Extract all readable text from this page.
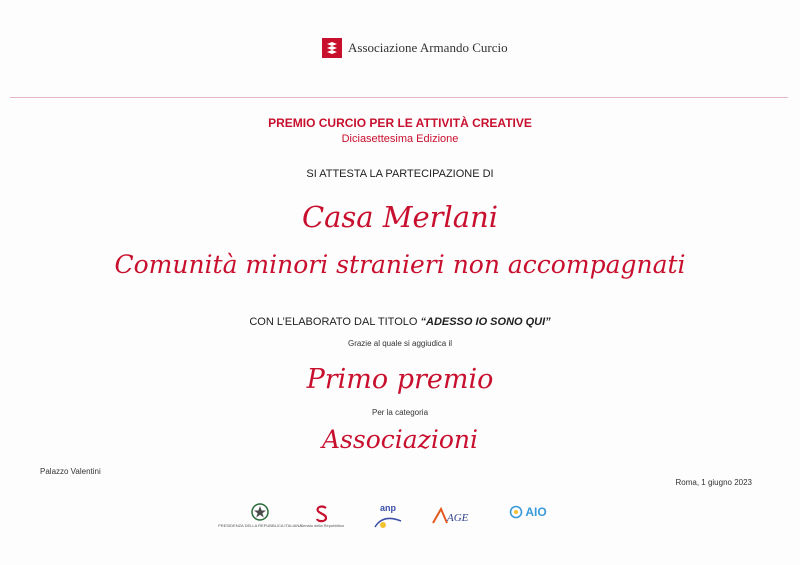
Associazione Armando Curcio
PREMIO CURCIO PER LE ATTIVITÀ CREATIVE
Diciasettesima Edizione
SI ATTESTA LA PARTECIPAZIONE DI
Casa Merlani
Comunità minori stranieri non accompagnati
CON L’ELABORATO DAL TITOLO “ADESSO IO SONO QUI”
Grazie al quale si aggiudica il
Primo premio
Per la categoria
Associazioni
Palazzo Valentini
Roma, 1 giugno 2023
PRESIDENZA DELLA REPUBBLICA ITALIANA
Senato della Repubblica
anp
AGE	AIO
